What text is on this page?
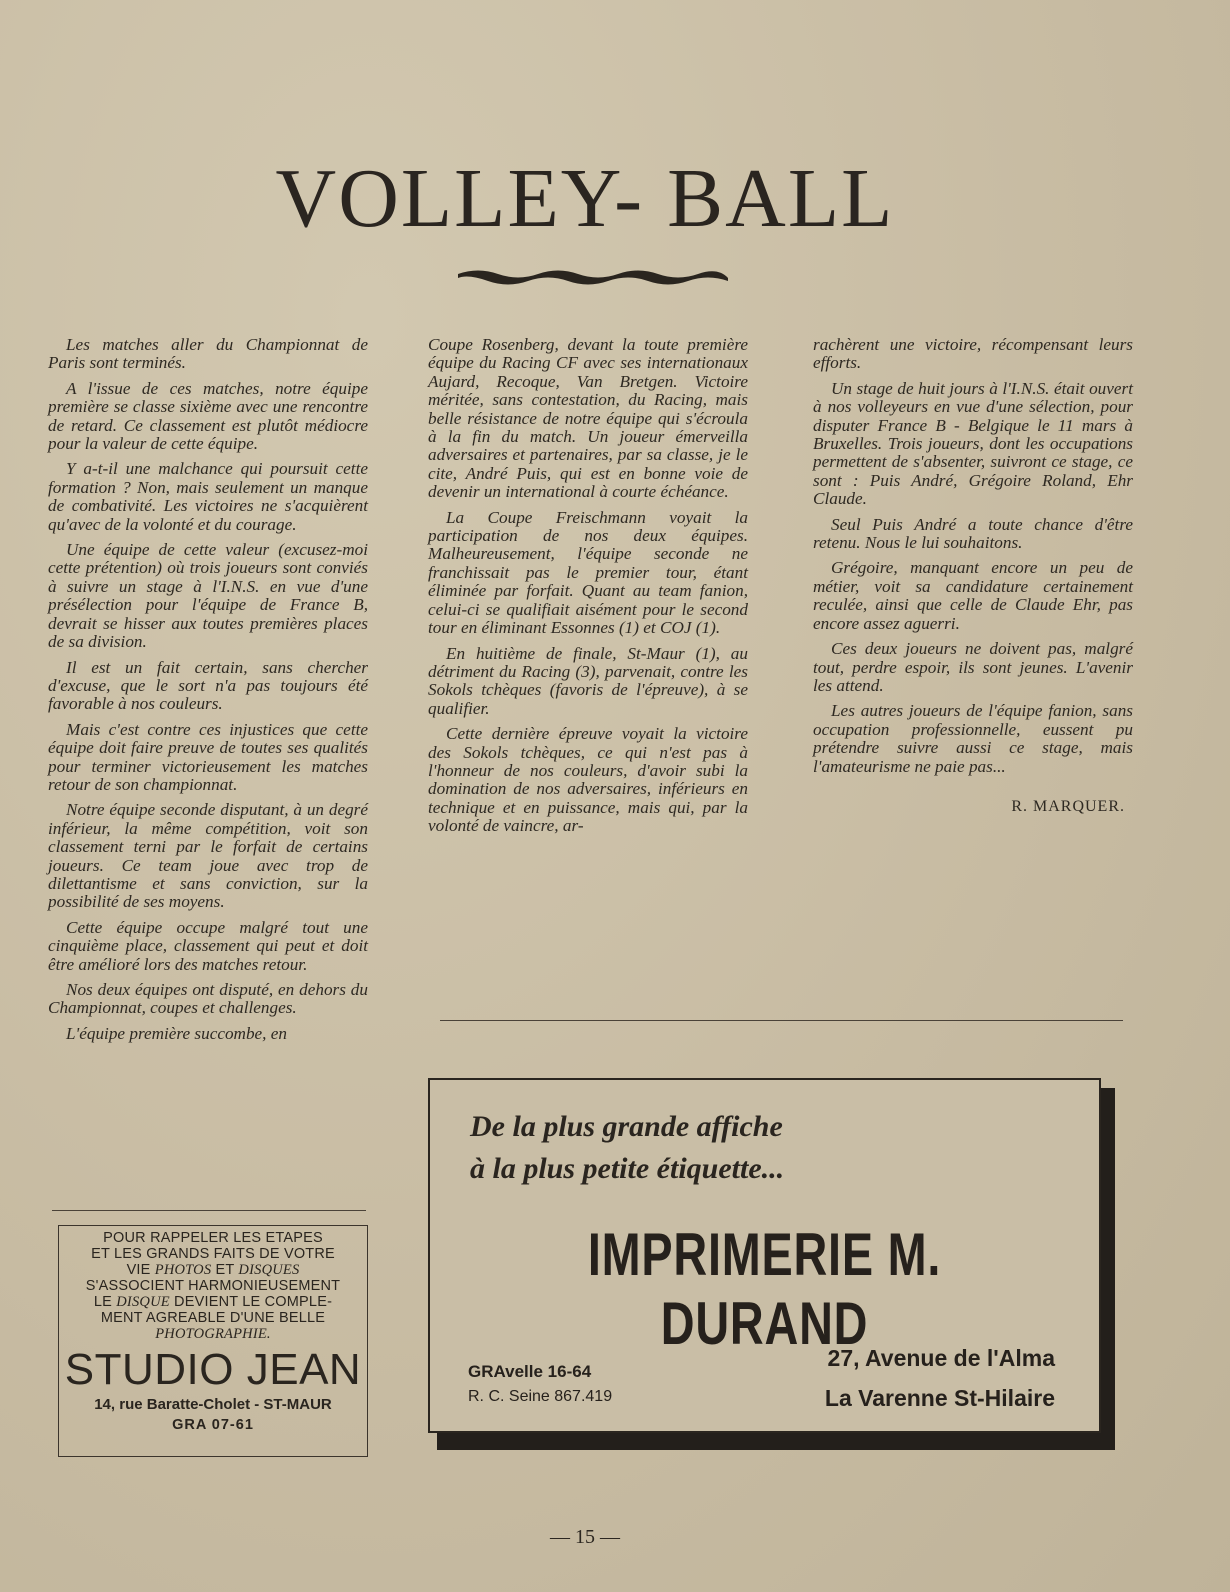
VOLLEY- BALL

Les matches aller du Championnat de Paris sont terminés.

A l'issue de ces matches, notre équipe première se classe sixième avec une rencontre de retard. Ce classement est plutôt médiocre pour la valeur de cette équipe.

Y a-t-il une malchance qui poursuit cette formation ? Non, mais seulement un manque de combativité. Les victoires ne s'acquièrent qu'avec de la volonté et du courage.

Une équipe de cette valeur (excusez-moi cette prétention) où trois joueurs sont conviés à suivre un stage à l'I.N.S. en vue d'une présélection pour l'équipe de France B, devrait se hisser aux toutes premières places de sa division.

Il est un fait certain, sans chercher d'excuse, que le sort n'a pas toujours été favorable à nos couleurs.

Mais c'est contre ces injustices que cette équipe doit faire preuve de toutes ses qualités pour terminer victorieusement les matches retour de son championnat.

Notre équipe seconde disputant, à un degré inférieur, la même compétition, voit son classement terni par le forfait de certains joueurs. Ce team joue avec trop de dilettantisme et sans conviction, sur la possibilité de ses moyens.

Cette équipe occupe malgré tout une cinquième place, classement qui peut et doit être amélioré lors des matches retour.

Nos deux équipes ont disputé, en dehors du Championnat, coupes et challenges.

L'équipe première succombe, en

Coupe Rosenberg, devant la toute première équipe du Racing CF avec ses internationaux Aujard, Recoque, Van Bretgen. Victoire méritée, sans contestation, du Racing, mais belle résistance de notre équipe qui s'écroula à la fin du match. Un joueur émerveilla adversaires et partenaires, par sa classe, je le cite, André Puis, qui est en bonne voie de devenir un international à courte échéance.

La Coupe Freischmann voyait la participation de nos deux équipes. Malheureusement, l'équipe seconde ne franchissait pas le premier tour, étant éliminée par forfait. Quant au team fanion, celui-ci se qualifiait aisément pour le second tour en éliminant Essonnes (1) et COJ (1).

En huitième de finale, St-Maur (1), au détriment du Racing (3), parvenait, contre les Sokols tchèques (favoris de l'épreuve), à se qualifier.

Cette dernière épreuve voyait la victoire des Sokols tchèques, ce qui n'est pas à l'honneur de nos couleurs, d'avoir subi la domination de nos adversaires, inférieurs en technique et en puissance, mais qui, par la volonté de vaincre, ar-

rachèrent une victoire, récompensant leurs efforts.

Un stage de huit jours à l'I.N.S. était ouvert à nos volleyeurs en vue d'une sélection, pour disputer France B - Belgique le 11 mars à Bruxelles. Trois joueurs, dont les occupations permettent de s'absenter, suivront ce stage, ce sont : Puis André, Grégoire Roland, Ehr Claude.

Seul Puis André a toute chance d'être retenu. Nous le lui souhaitons.

Grégoire, manquant encore un peu de métier, voit sa candidature certainement reculée, ainsi que celle de Claude Ehr, pas encore assez aguerri.

Ces deux joueurs ne doivent pas, malgré tout, perdre espoir, ils sont jeunes. L'avenir les attend.

Les autres joueurs de l'équipe fanion, sans occupation professionnelle, eussent pu prétendre suivre aussi ce stage, mais l'amateurisme ne paie pas...

R. MARQUER.
POUR RAPPELER LES ETAPES
ET LES GRANDS FAITS DE VOTRE
VIE PHOTOS ET DISQUES
S'ASSOCIENT HARMONIEUSEMENT
LE DISQUE DEVIENT LE COMPLE-
MENT AGREABLE D'UNE BELLE
PHOTOGRAPHIE.
STUDIO JEAN
14, rue Baratte-Cholet - ST-MAUR
GRA 07-61
De la plus grande affiche
à la plus petite étiquette...
IMPRIMERIE M. DURAND
GRAvelle 16-64
R. C. Seine 867.419
27, Avenue de l'Alma
La Varenne St-Hilaire
— 15 —
